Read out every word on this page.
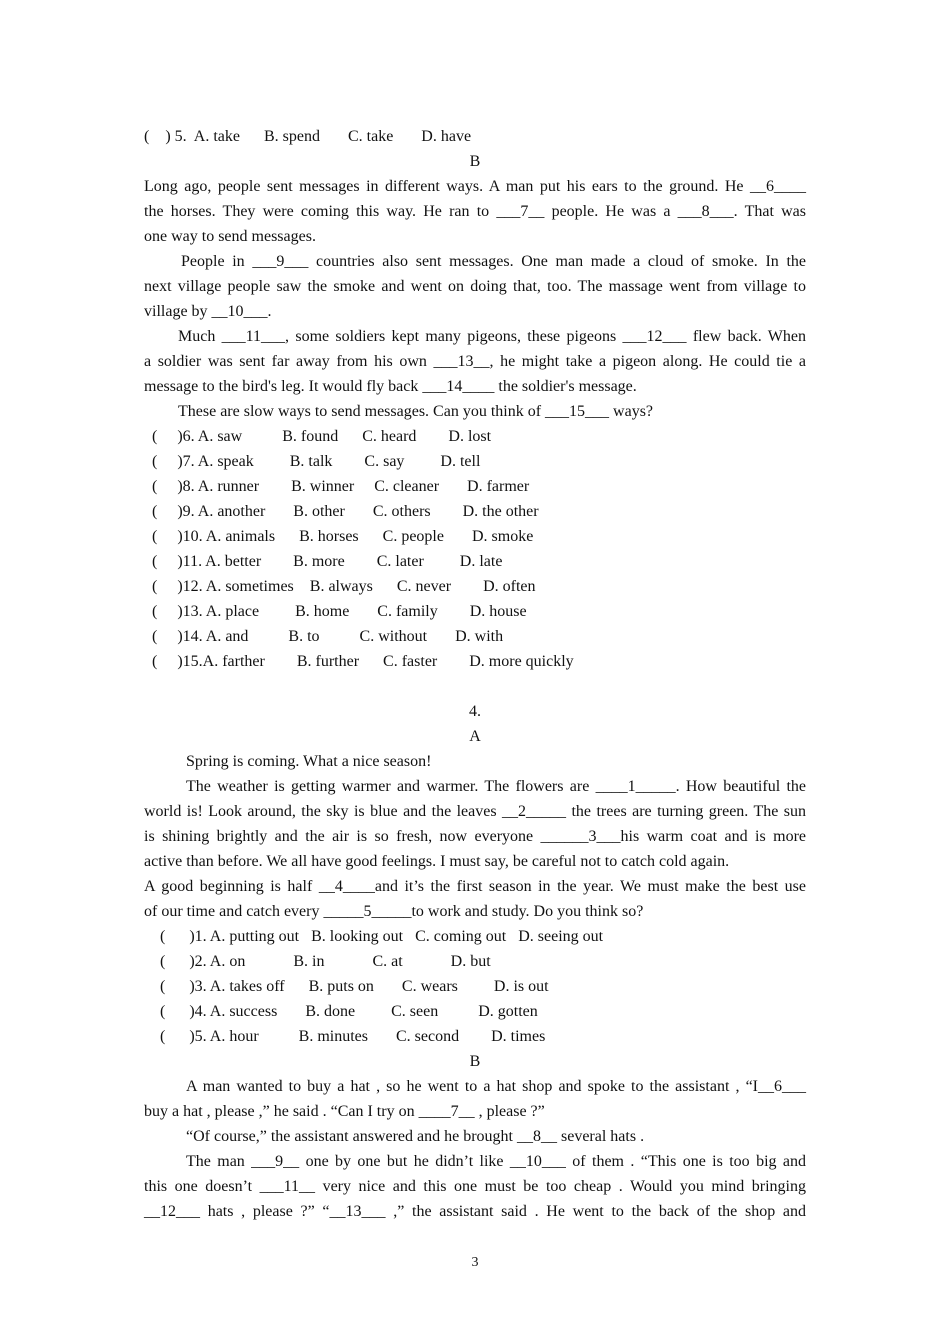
(    ) 5.  A. take      B. spend       C. take       D. have
B
Long ago, people sent messages in different ways. A man put his ears to the ground. He __6____
the horses. They were coming this way. He ran to ___7__ people. He was a ___8___. That was
one way to send messages.
People in ___9___ countries also sent messages. One man made a cloud of smoke. In the
next village people saw the smoke and went on doing that, too. The massage went from village to
village by __10___.
Much ___11___, some soldiers kept many pigeons, these pigeons ___12___ flew back. When
a soldier was sent far away from his own ___13__, he might take a pigeon along. He could tie a
message to the bird's leg. It would fly back ___14____ the soldier's message.
These are slow ways to send messages. Can you think of ___15___ ways?
(     )6. A. saw          B. found      C. heard        D. lost
(     )7. A. speak         B. talk        C. say         D. tell
(     )8. A. runner        B. winner     C. cleaner       D. farmer
(     )9. A. another       B. other       C. others        D. the other
(     )10. A. animals      B. horses      C. people       D. smoke
(     )11. A. better        B. more        C. later         D. late
(     )12. A. sometimes    B. always      C. never        D. often
(     )13. A. place         B. home       C. family        D. house
(     )14. A. and          B. to          C. without       D. with
(     )15.A. farther        B. further      C. faster        D. more quickly
4.
A
Spring is coming. What a nice season!
The weather is getting warmer and warmer. The flowers are ____1_____. How beautiful the
world is! Look around, the sky is blue and the leaves __2_____ the trees are turning green. The sun
is shining brightly and the air is so fresh, now everyone ______3___his warm coat and is more
active than before. We all have good feelings. I must say, be careful not to catch cold again.
A good beginning is half __4____and it’s the first season in the year. We must make the best use
of our time and catch every _____5_____to work and study. Do you think so?
(      )1. A. putting out   B. looking out   C. coming out   D. seeing out
(      )2. A. on            B. in            C. at            D. but
(      )3. A. takes off      B. puts on       C. wears         D. is out
(      )4. A. success       B. done         C. seen          D. gotten
(      )5. A. hour          B. minutes       C. second        D. times
B
A man wanted to buy a hat , so he went to a hat shop and spoke to the assistant , “I__6___
buy a hat , please ,” he said . “Can I try on ____7__ , please ?”
“Of course,” the assistant answered and he brought __8__ several hats .
The man ___9__ one by one but he didn’t like __10___ of them . “This one is too big and
this one doesn’t ___11__ very nice and this one must be too cheap . Would you mind bringing
__12___ hats , please ?” “__13___ ,” the assistant said . He went to the back of the shop and
3
